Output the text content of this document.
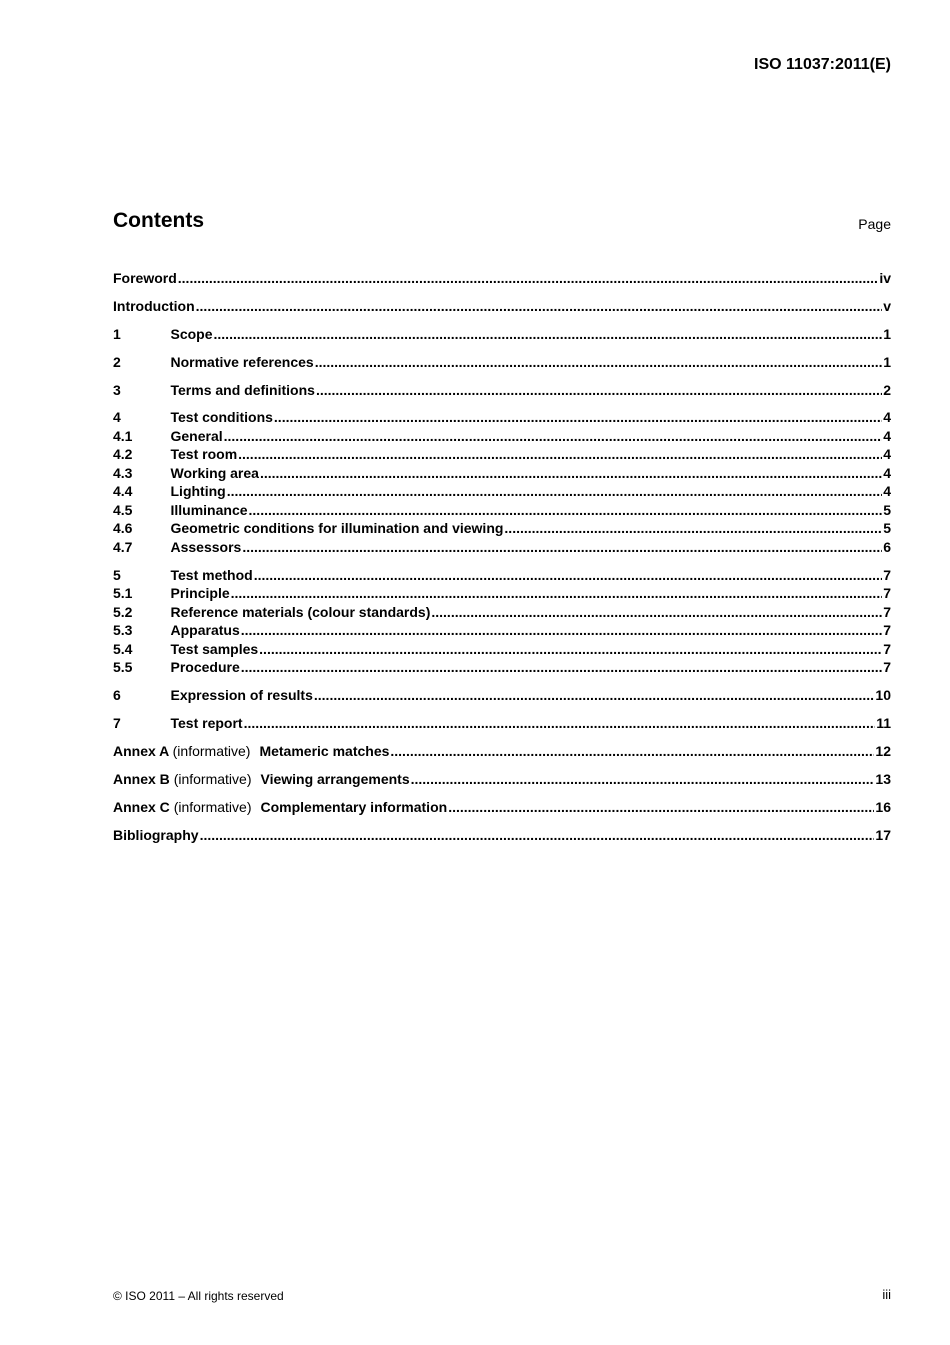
ISO 11037:2011(E)
Contents	Page
Foreword .....	iv
Introduction .....	v
1	Scope .....	1
2	Normative references .....	1
3	Terms and definitions .....	2
4	Test conditions .....	4
4.1	General .....	4
4.2	Test room .....	4
4.3	Working area .....	4
4.4	Lighting .....	4
4.5	Illuminance .....	5
4.6	Geometric conditions for illumination and viewing .....	5
4.7	Assessors .....	6
5	Test method .....	7
5.1	Principle .....	7
5.2	Reference materials (colour standards) .....	7
5.3	Apparatus .....	7
5.4	Test samples .....	7
5.5	Procedure .....	7
6	Expression of results .....	10
7	Test report .....	11
Annex A (informative) Metameric matches .....	12
Annex B (informative) Viewing arrangements .....	13
Annex C (informative) Complementary information .....	16
Bibliography .....	17
© ISO 2011 – All rights reserved	iii
